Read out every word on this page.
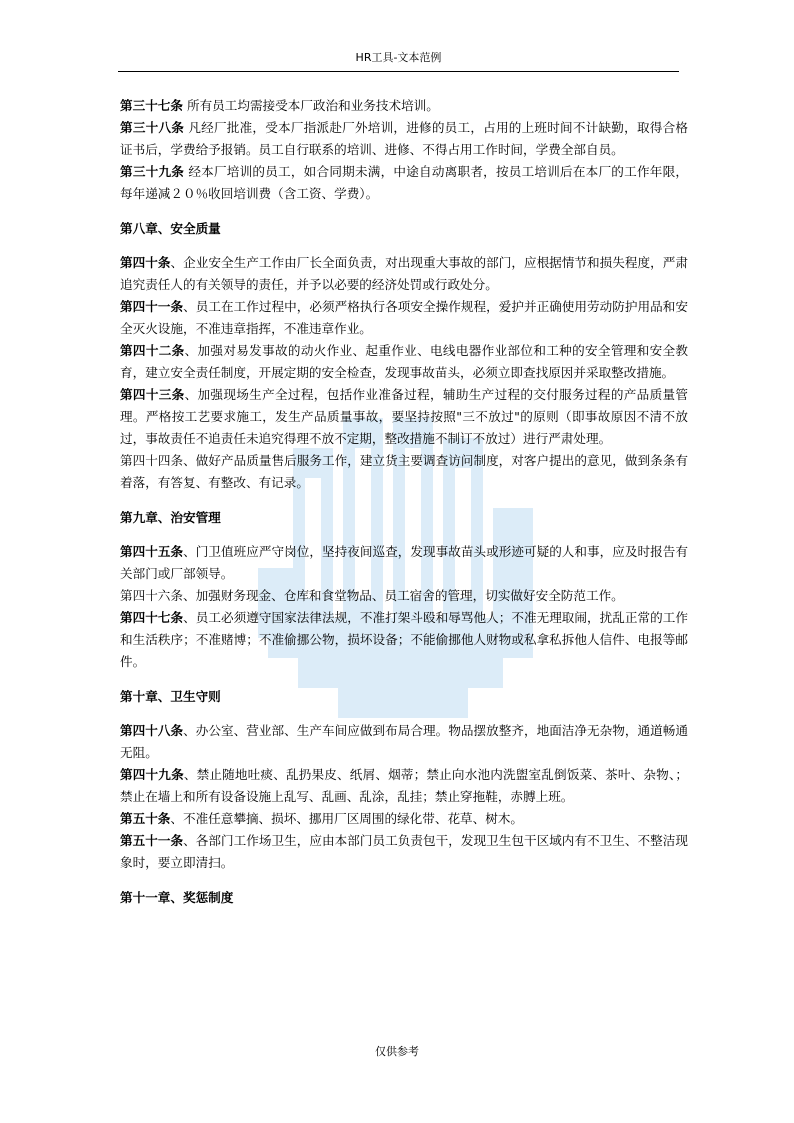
HR工具-文本范例

第三十七条 所有员工均需接受本厂政治和业务技术培训。

第三十八条 凡经厂批准，受本厂指派赴厂外培训，进修的员工，占用的上班时间不计缺勤，取得合格证书后，学费给予报销。员工自行联系的培训、进修、不得占用工作时间，学费全部自员。

第三十九条 经本厂培训的员工，如合同期未满，中途自动离职者，按员工培训后在本厂的工作年限，每年递减２０％收回培训费（含工资、学费）。

第八章、安全质量

第四十条、企业安全生产工作由厂长全面负责，对出现重大事故的部门，应根据情节和损失程度，严肃追究责任人的有关领导的责任，并予以必要的经济处罚或行政处分。

第四十一条、员工在工作过程中，必须严格执行各项安全操作规程，爱护并正确使用劳动防护用品和安全灭火设施，不准违章指挥，不准违章作业。

第四十二条、加强对易发事故的动火作业、起重作业、电线电器作业部位和工种的安全管理和安全教育，建立安全责任制度，开展定期的安全检查，发现事故苗头，必须立即查找原因并采取整改措施。

第四十三条、加强现场生产全过程，包括作业准备过程，辅助生产过程的交付服务过程的产品质量管理。严格按工艺要求施工，发生产品质量事故，要坚持按照"三不放过"的原则（即事故原因不清不放过，事故责任不追责任未追究得理不放不定期，整改措施不制订不放过）进行严肃处理。

第四十四条、做好产品质量售后服务工作，建立货主要调查访问制度，对客户提出的意见，做到条条有着落，有答复、有整改、有记录。

第九章、治安管理

第四十五条、门卫值班应严守岗位，坚持夜间巡查，发现事故苗头或形迹可疑的人和事，应及时报告有关部门或厂部领导。

第四十六条、加强财务现金、仓库和食堂物品、员工宿舍的管理，切实做好安全防范工作。

第四十七条、员工必须遵守国家法律法规，不准打架斗殴和辱骂他人；不准无理取闹，扰乱正常的工作和生活秩序；不准赌博；不准偷挪公物，损坏设备；不能偷挪他人财物或私拿私拆他人信件、电报等邮件。

第十章、卫生守则

第四十八条、办公室、营业部、生产车间应做到布局合理。物品摆放整齐，地面洁净无杂物，通道畅通无阻。

第四十九条、禁止随地吐痰、乱扔果皮、纸屑、烟蒂；禁止向水池内洗盥室乱倒饭菜、茶叶、杂物、；禁止在墙上和所有设备设施上乱写、乱画、乱涂，乱挂；禁止穿拖鞋，赤膊上班。

第五十条、不准任意攀摘、损坏、挪用厂区周围的绿化带、花草、树木。

第五十一条、各部门工作场卫生，应由本部门员工负责包干，发现卫生包干区域内有不卫生、不整洁现象时，要立即清扫。

第十一章、奖惩制度
仅供参考
